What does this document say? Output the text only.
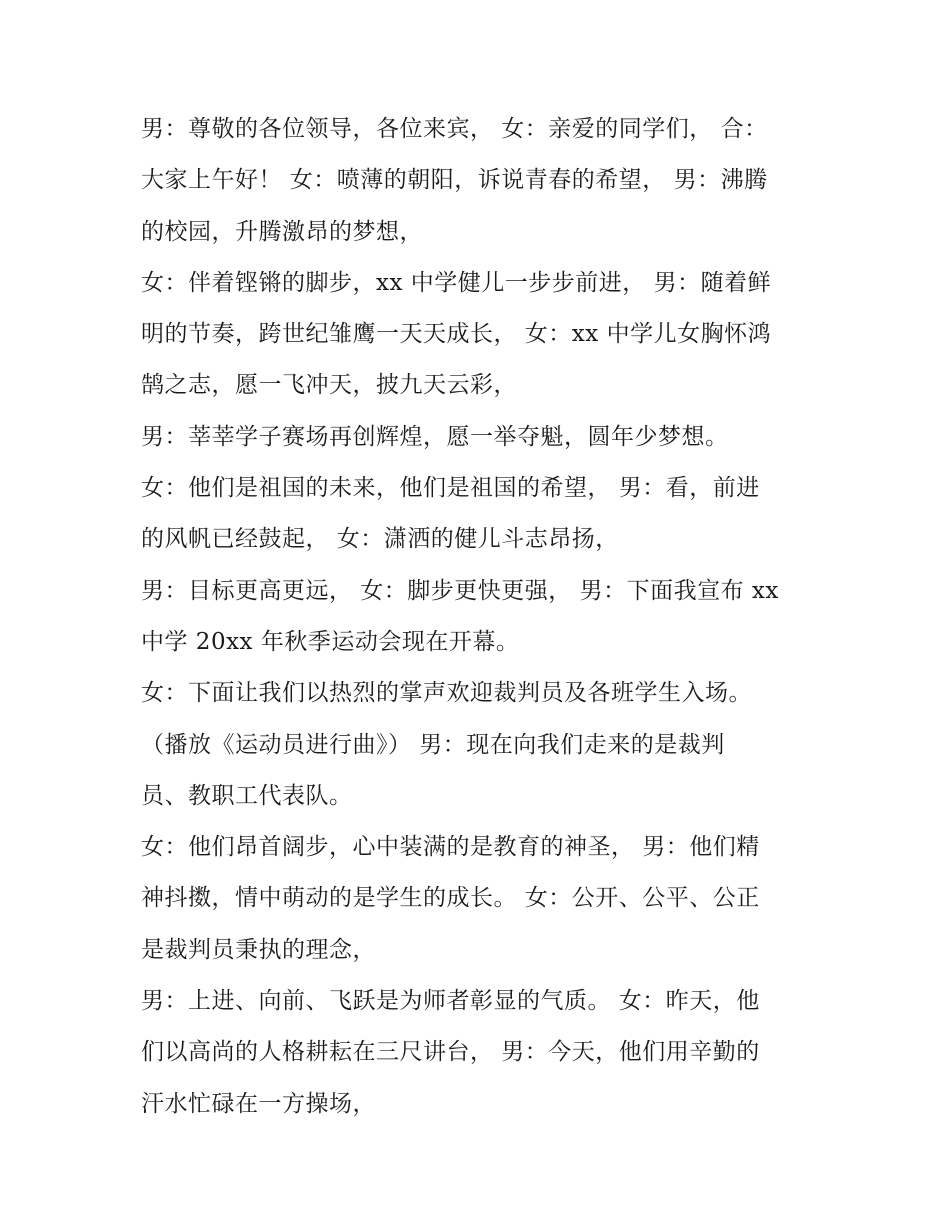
男：尊敬的各位领导，各位来宾， 女：亲爱的同学们， 合：
大家上午好！ 女：喷薄的朝阳，诉说青春的希望， 男：沸腾
的校园，升腾激昂的梦想，
女：伴着铿锵的脚步，xx 中学健儿一步步前进， 男：随着鲜
明的节奏，跨世纪雏鹰一天天成长， 女：xx 中学儿女胸怀鸿
鹄之志，愿一飞冲天，披九天云彩，
男：莘莘学子赛场再创辉煌，愿一举夺魁，圆年少梦想。
女：他们是祖国的未来，他们是祖国的希望， 男：看，前进
的风帆已经鼓起， 女：潇洒的健儿斗志昂扬，
男：目标更高更远， 女：脚步更快更强， 男：下面我宣布 xx
中学 20xx 年秋季运动会现在开幕。
女：下面让我们以热烈的掌声欢迎裁判员及各班学生入场。
（播放《运动员进行曲》） 男：现在向我们走来的是裁判
员、教职工代表队。
女：他们昂首阔步，心中装满的是教育的神圣， 男：他们精
神抖擞，情中萌动的是学生的成长。 女：公开、公平、公正
是裁判员秉执的理念，
男：上进、向前、飞跃是为师者彰显的气质。 女：昨天，他
们以高尚的人格耕耘在三尺讲台， 男：今天，他们用辛勤的
汗水忙碌在一方操场，
